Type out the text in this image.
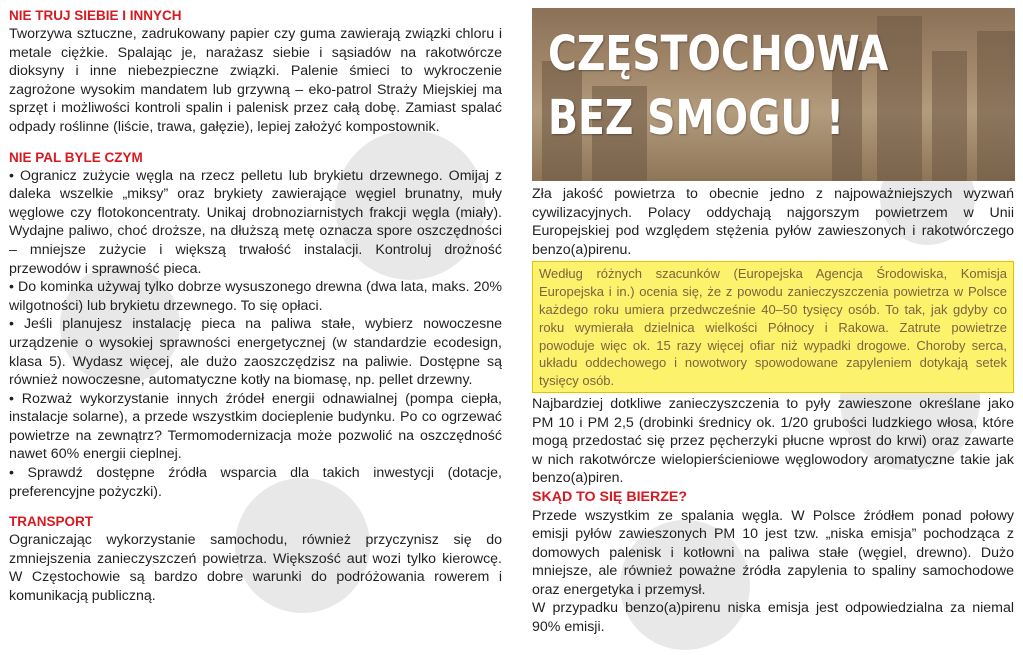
NIE TRUJ SIEBIE I INNYCH

Tworzywa sztuczne, zadrukowany papier czy guma zawierają związki chloru i metale ciężkie. Spalając je, narażasz siebie i sąsiadów na rakotwórcze dioksyny i inne niebezpieczne związki. Palenie śmieci to wykroczenie zagrożone wysokim mandatem lub grzywną – eko-patrol Straży Miejskiej ma sprzęt i możliwości kontroli spalin i palenisk przez całą dobę. Zamiast spalać odpady roślinne (liście, trawa, gałęzie), lepiej założyć kompostownik.

NIE PAL BYLE CZYM

• Ogranicz zużycie węgla na rzecz pelletu lub brykietu drzewnego. Omijaj z daleka wszelkie „miksy” oraz brykiety zawierające węgiel brunatny, muły węglowe czy flotokoncentraty. Unikaj drobnoziarnistych frakcji węgla (miały). Wydajne paliwo, choć droższe, na dłuższą metę oznacza spore oszczędności – mniejsze zużycie i większą trwałość instalacji. Kontroluj drożność przewodów i sprawność pieca.

• Do kominka używaj tylko dobrze wysuszonego drewna (dwa lata, maks. 20% wilgotności) lub brykietu drzewnego. To się opłaci.

• Jeśli planujesz instalację pieca na paliwa stałe, wybierz nowoczesne urządzenie o wysokiej sprawności energetycznej (w standardzie ecodesign, klasa 5). Wydasz więcej, ale dużo zaoszczędzisz na paliwie. Dostępne są również nowoczesne, automatyczne kotły na biomasę, np. pellet drzewny.

• Rozważ wykorzystanie innych źródeł energii odnawialnej (pompa ciepła, instalacje solarne), a przede wszystkim docieplenie budynku. Po co ogrzewać powietrze na zewnątrz? Termomodernizacja może pozwolić na oszczędność nawet 60% energii cieplnej.

• Sprawdź dostępne źródła wsparcia dla takich inwestycji (dotacje, preferencyjne pożyczki).

TRANSPORT

Ograniczając wykorzystanie samochodu, również przyczynisz się do zmniejszenia zanieczyszczeń powietrza. Większość aut wozi tylko kierowcę. W Częstochowie są bardzo dobre warunki do podróżowania rowerem i komunikacją publiczną.

CZĘSTOCHOWA
BEZ SMOGU !

Zła jakość powietrza to obecnie jedno z najpoważniejszych wyzwań cywilizacyjnych. Polacy oddychają najgorszym powietrzem w Unii Europejskiej pod względem stężenia pyłów zawieszonych i rakotwórczego benzo(a)pirenu.

Według różnych szacunków (Europejska Agencja Środowiska, Komisja Europejska i in.) ocenia się, że z powodu zanieczyszczenia powietrza w Polsce każdego roku umiera przedwcześnie 40–50 tysięcy osób. To tak, jak gdyby co roku wymierała dzielnica wielkości Północy i Rakowa. Zatrute powietrze powoduje więc ok. 15 razy więcej ofiar niż wypadki drogowe. Choroby serca, układu oddechowego i nowotwory spowodowane zapyleniem dotykają setek tysięcy osób.

Najbardziej dotkliwe zanieczyszczenia to pyły zawieszone określane jako PM 10 i PM 2,5 (drobinki średnicy ok. 1/20 grubości ludzkiego włosa, które mogą przedostać się przez pęcherzyki płucne wprost do krwi) oraz zawarte w nich rakotwórcze wielopierścieniowe węglowodory aromatyczne takie jak benzo(a)piren.

SKĄD TO SIĘ BIERZE?

Przede wszystkim ze spalania węgla. W Polsce źródłem ponad połowy emisji pyłów zawieszonych PM 10 jest tzw. „niska emisja” pochodząca z domowych palenisk i kotłowni na paliwa stałe (węgiel, drewno). Dużo mniejsze, ale również poważne źródła zapylenia to spaliny samochodowe oraz energetyka i przemysł.

W przypadku benzo(a)pirenu niska emisja jest odpowiedzialna za niemal 90% emisji.
